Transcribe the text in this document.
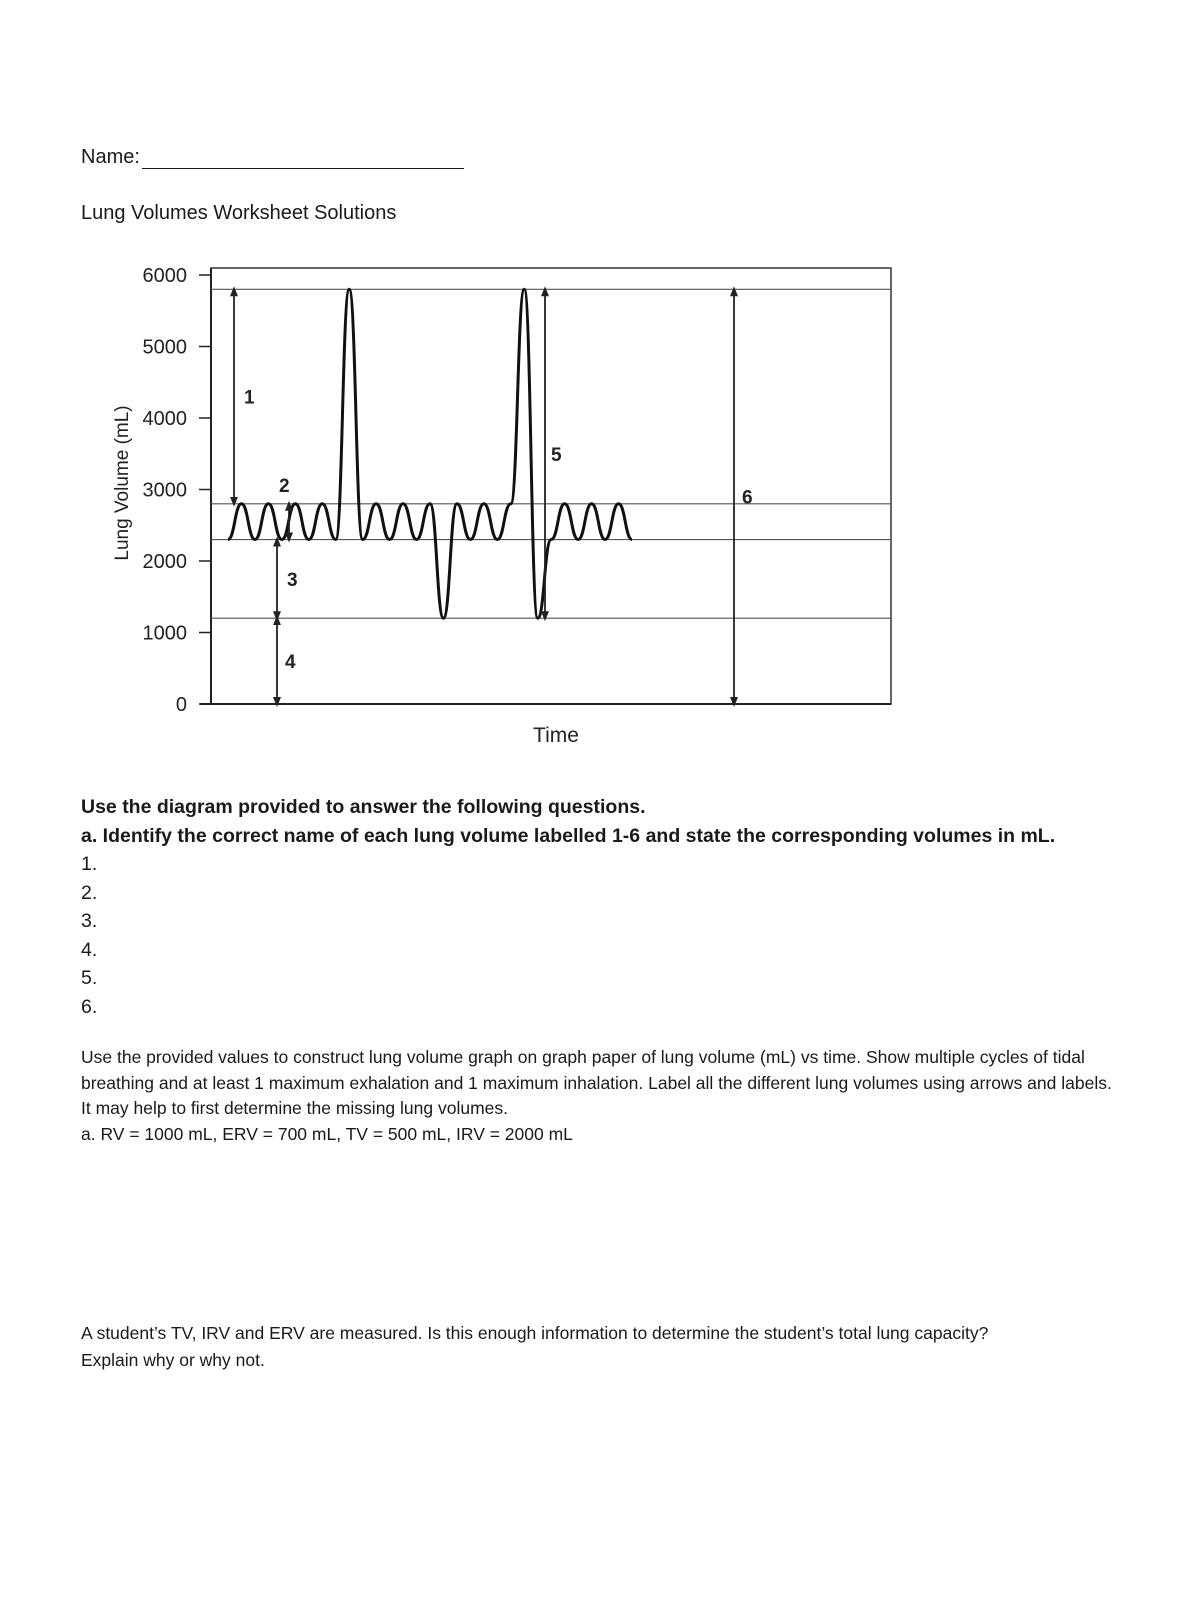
Name:
Lung Volumes Worksheet Solutions
0
1000
2000
3000
4000
5000
6000
1
2
3
4
5
6
Lung Volume (mL)
Time
Use the diagram provided to answer the following questions.
a. Identify the correct name of each lung volume labelled 1-6 and state the corresponding volumes in mL.
1.
2.
3.
4.
5.
6.
Use the provided values to construct lung volume graph on graph paper of lung volume (mL) vs time. Show multiple cycles of tidal breathing and at least 1 maximum exhalation and 1 maximum inhalation. Label all the different lung volumes using arrows and labels. It may help to first determine the missing lung volumes.
a. RV = 1000 mL, ERV = 700 mL, TV = 500 mL, IRV = 2000 mL
A student’s TV, IRV and ERV are measured. Is this enough information to determine the student’s total lung capacity?
Explain why or why not.
